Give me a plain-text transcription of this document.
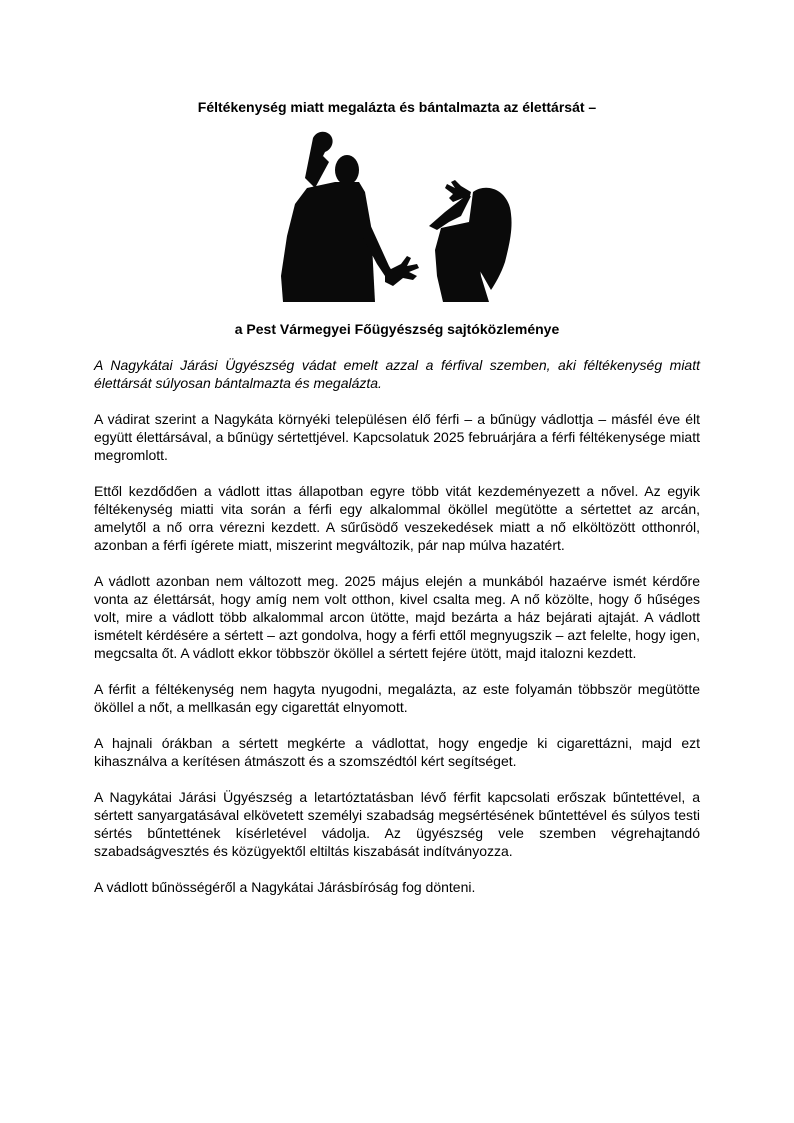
Féltékenység miatt megalázta és bántalmazta az élettársát –
a Pest Vármegyei Főügyészség sajtóközleménye

A Nagykátai Járási Ügyészség vádat emelt azzal a férfival szemben, aki féltékenység miatt élettársát súlyosan bántalmazta és megalázta.

A vádirat szerint a Nagykáta környéki településen élő férfi – a bűnügy vádlottja – másfél éve élt együtt élettársával, a bűnügy sértettjével. Kapcsolatuk 2025 februárjára a férfi féltékenysége miatt megromlott.

Ettől kezdődően a vádlott ittas állapotban egyre több vitát kezdeményezett a nővel. Az egyik féltékenység miatti vita során a férfi egy alkalommal ököllel megütötte a sértettet az arcán, amelytől a nő orra vérezni kezdett. A sűrűsödő veszekedések miatt a nő elköltözött otthonról, azonban a férfi ígérete miatt, miszerint megváltozik, pár nap múlva hazatért.

A vádlott azonban nem változott meg. 2025 május elején a munkából hazaérve ismét kérdőre vonta az élettársát, hogy amíg nem volt otthon, kivel csalta meg. A nő közölte, hogy ő hűséges volt, mire a vádlott több alkalommal arcon ütötte, majd bezárta a ház bejárati ajtaját. A vádlott ismételt kérdésére a sértett – azt gondolva, hogy a férfi ettől megnyugszik – azt felelte, hogy igen, megcsalta őt. A vádlott ekkor többször ököllel a sértett fejére ütött, majd italozni kezdett.

A férfit a féltékenység nem hagyta nyugodni, megalázta, az este folyamán többször megütötte ököllel a nőt, a mellkasán egy cigarettát elnyomott.

A hajnali órákban a sértett megkérte a vádlottat, hogy engedje ki cigarettázni, majd ezt kihasználva a kerítésen átmászott és a szomszédtól kért segítséget.

A Nagykátai Járási Ügyészség a letartóztatásban lévő férfit kapcsolati erőszak bűntettével, a sértett sanyargatásával elkövetett személyi szabadság megsértésének bűntettével és súlyos testi sértés bűntettének kísérletével vádolja. Az ügyészség vele szemben végrehajtandó szabadságvesztés és közügyektől eltiltás kiszabását indítványozza.

A vádlott bűnösségéről a Nagykátai Járásbíróság fog dönteni.
